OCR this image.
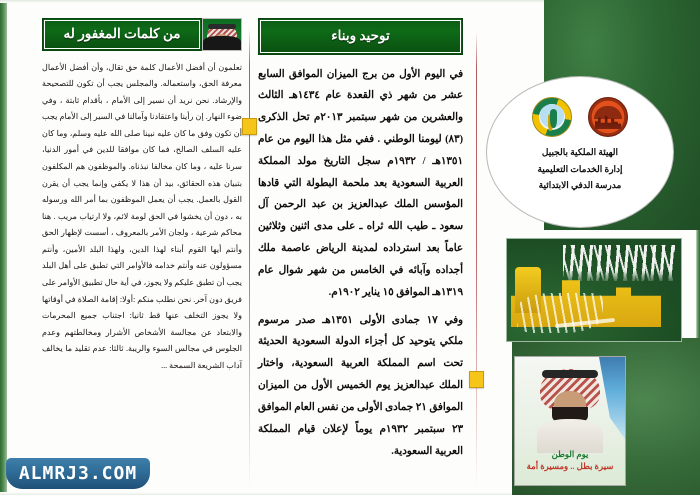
من كلمات المغفور له
تعلمون أن أفضل الأعمال كلمة حق تقال، وأن أفضل الأعمال معرفة الحق، واستعماله. والمجلس يجب أن تكون للتصحيحة والإرشاد. نحن نريد أن نسير إلى الأمام ، بأقدام ثابتة ، وفي ضوء النهار. إن رأينا واعتقادنا وآمالنا في السير إلى الأمام يجب أن تكون وفق ما كان عليه نبينا صلى الله عليه وسلم، وما كان عليه السلف الصالح، فما كان موافقا للدين في أمور الدنيا، سرنا عليه ، وما كان مخالفا نبذناه. والموظفون هم المكلفون بتبيان هذه الحقائق، بيد أن هذا لا يكفي وإنما يجب أن يقرن القول بالعمل. يجب أن يعمل الموظفون بما أمر الله ورسوله به ، دون أن يخشوا في الحق لومة لائم، ولا ارتياب مريب . هنا محاكم شرعية ، ولجان الأمر بالمعروف ، أسست لإظهار الحق وأنتم أيها القوم أبناء لهذا الدين، ولهذا البلد الأمين، وأنتم مسؤولون عنه وأنتم خدامه فالأوامر التي تطبق على أهل البلد يجب أن تطبق عليكم ولا يجوز، في أية حال تطبيق الأوامر على فريق دون آخر. نحن نطلب منكم :أولا: إقامة الصلاة في أوقاتها ولا يجوز التخلف عنها قط ثانيا: اجتناب جميع المحرمات والابتعاد عن مجالسة الأشخاص الأشرار ومخالطتهم وعدم الجلوس في مجالس السوء والريبة. ثالثا: عدم تقليد ما يخالف آداب الشريعة السمحة ...
توحيد وبناء

في اليوم الأول من برج الميزان الموافق السابع عشر من شهر ذي القعدة عام ١٤٣٤هـ الثالث والعشرين من شهر سبتمبر ٢٠١٣م تحل الذكرى (٨٣) ليومنا الوطني . ففي مثل هذا اليوم من عام ١٣٥١هـ / ١٩٣٢م سجل التاريخ مولد المملكة العربية السعودية بعد ملحمة البطولة التي قادها المؤسس الملك عبدالعزيز بن عبد الرحمن آل سعود ـ طيب الله ثراه ـ على مدى اثنين وثلاثين عاماً بعد استرداده لمدينة الرياض عاصمة ملك أجداده وآبائه في الخامس من شهر شوال عام ١٣١٩هـ الموافق ١٥ يناير ١٩٠٢م.

وفي ١٧ جمادى الأولى ١٣٥١هـ صدر مرسوم ملكي يتوحيد كل أجزاء الدولة السعودية الحديثة تحت اسم المملكة العربية السعودية، واختار الملك عبدالعزيز يوم الخميس الأول من الميزان الموافق ٢١ جمادى الأولى من نفس العام الموافق ٢٣ سبتمبر ١٩٣٢م يوماً لإعلان قيام المملكة العربية السعودية.

الهيئة الملكية بالجبيل
إدارة الخدمات التعليمية
مدرسة الدفي الابتدائية
يوم الوطن
سيرة بطل .. ومسيرة أمة
ALMRJ3.COM
